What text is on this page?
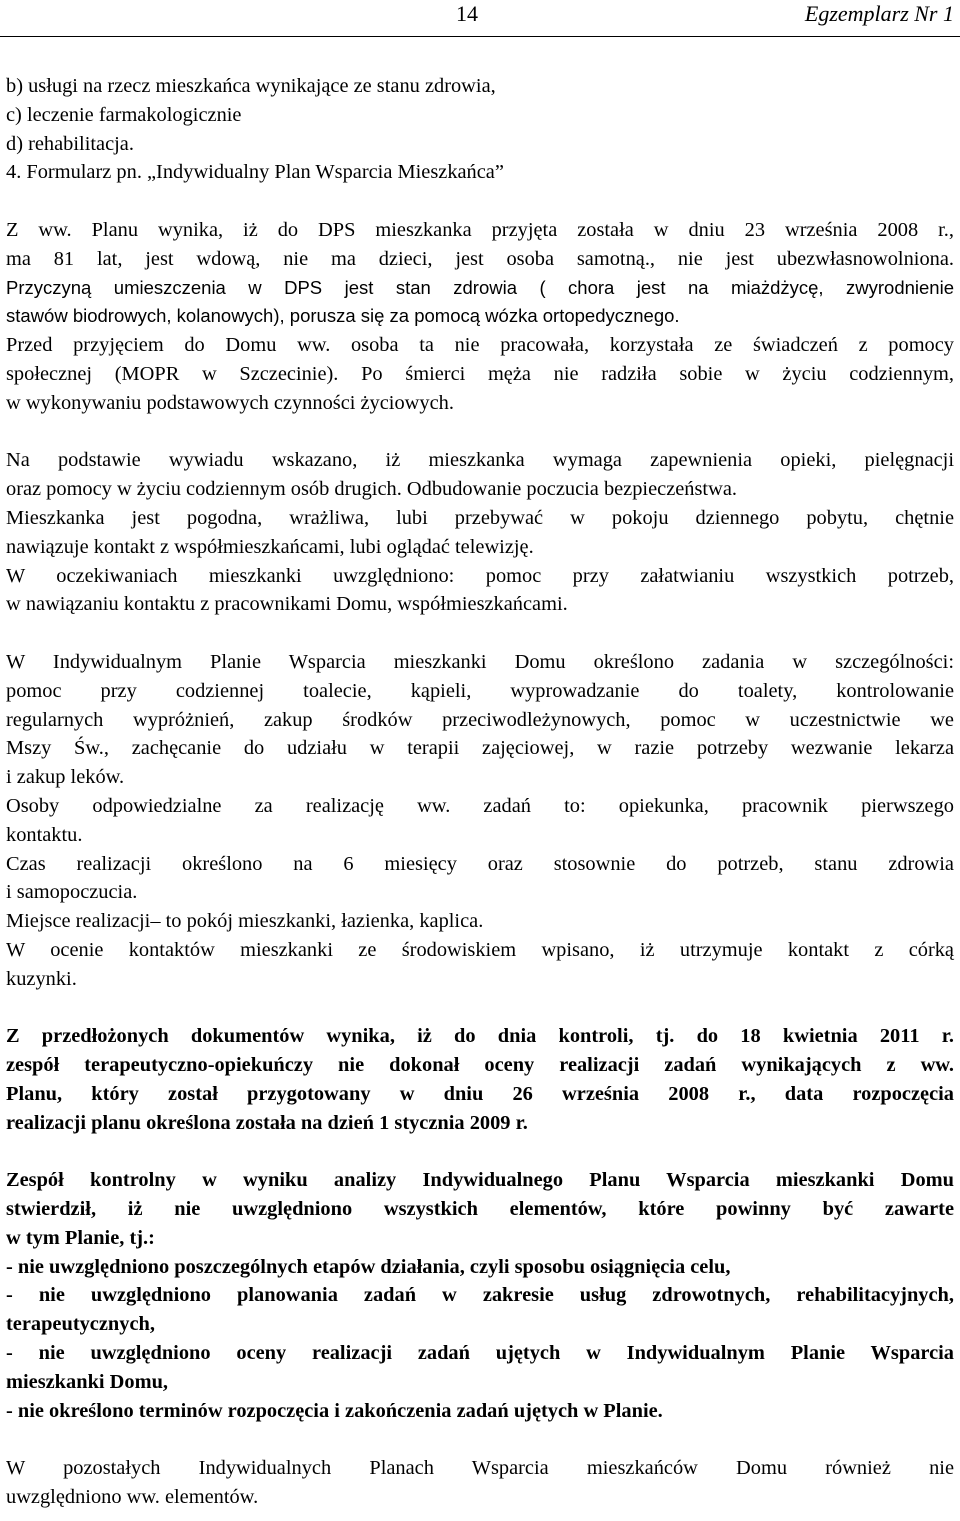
14	Egzemplarz Nr 1
b) usługi na rzecz mieszkańca wynikające ze stanu zdrowia,
c) leczenie farmakologicznie
d) rehabilitacja.
4. Formularz pn. „Indywidualny Plan Wsparcia Mieszkańca”
Z ww. Planu wynika, iż do DPS mieszkanka przyjęta została w dniu 23 września 2008 r.,
ma 81 lat, jest wdową, nie ma dzieci, jest osoba samotną., nie jest ubezwłasnowolniona.
Przyczyną umieszczenia w DPS jest stan zdrowia ( chora jest na miażdżycę, zwyrodnienie
stawów biodrowych, kolanowych), porusza się za pomocą wózka ortopedycznego.
Przed przyjęciem do Domu ww. osoba ta nie pracowała, korzystała ze świadczeń z pomocy
społecznej (MOPR w Szczecinie). Po śmierci męża nie radziła sobie w życiu codziennym,
w wykonywaniu podstawowych czynności życiowych.
Na podstawie wywiadu wskazano, iż mieszkanka wymaga zapewnienia opieki, pielęgnacji
oraz pomocy w życiu codziennym osób drugich. Odbudowanie poczucia bezpieczeństwa.
Mieszkanka jest pogodna, wrażliwa, lubi przebywać w pokoju dziennego pobytu, chętnie
nawiązuje kontakt z współmieszkańcami, lubi oglądać telewizję.
W oczekiwaniach mieszkanki uwzględniono: pomoc przy załatwianiu wszystkich potrzeb,
w nawiązaniu kontaktu z pracownikami Domu, współmieszkańcami.
W Indywidualnym Planie Wsparcia mieszkanki Domu określono zadania w szczególności:
pomoc przy codziennej toalecie, kąpieli, wyprowadzanie do toalety, kontrolowanie
regularnych wypróżnień, zakup środków przeciwodleżynowych, pomoc w uczestnictwie we
Mszy Św., zachęcanie do udziału w terapii zajęciowej, w razie potrzeby wezwanie lekarza
i zakup leków.
Osoby odpowiedzialne za realizację ww. zadań to: opiekunka, pracownik pierwszego
kontaktu.
Czas realizacji określono na 6 miesięcy oraz stosownie do potrzeb, stanu zdrowia
i samopoczucia.
Miejsce realizacji– to pokój mieszkanki, łazienka, kaplica.
W ocenie kontaktów mieszkanki ze środowiskiem wpisano, iż utrzymuje kontakt z córką
kuzynki.
Z przedłożonych dokumentów wynika, iż do dnia kontroli, tj. do 18 kwietnia 2011 r.
zespół terapeutyczno-opiekuńczy nie dokonał oceny realizacji zadań wynikających z ww.
Planu, który został przygotowany w dniu 26 września 2008 r., data rozpoczęcia
realizacji planu określona została na dzień 1 stycznia 2009 r.
Zespół kontrolny w wyniku analizy Indywidualnego Planu Wsparcia mieszkanki Domu
stwierdził, iż nie uwzględniono wszystkich elementów, które powinny być zawarte
w tym Planie, tj.:
- nie uwzględniono poszczególnych etapów działania, czyli sposobu osiągnięcia celu,
- nie uwzględniono planowania zadań w zakresie usług zdrowotnych, rehabilitacyjnych,
terapeutycznych,
- nie uwzględniono oceny realizacji zadań ujętych w Indywidualnym Planie Wsparcia
mieszkanki Domu,
- nie określono terminów rozpoczęcia i zakończenia zadań ujętych w Planie.
W pozostałych Indywidualnych Planach Wsparcia mieszkańców Domu również nie
uwzględniono ww. elementów.
